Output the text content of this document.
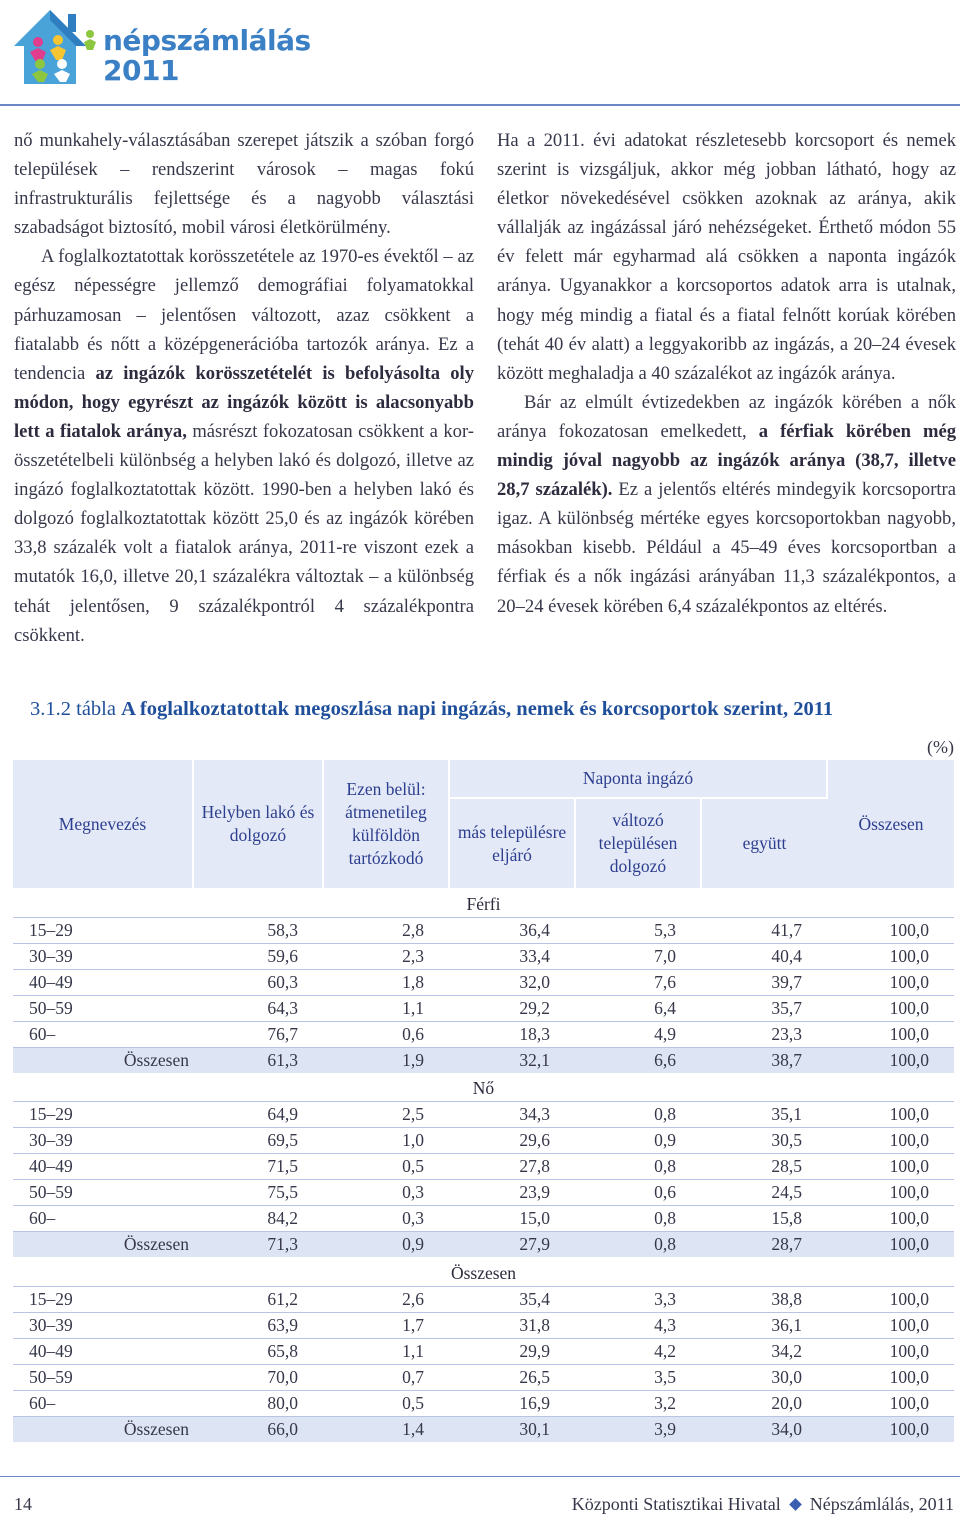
népszámlálás
2011

nő munkahely-választásában szerepet játszik a szóban forgó települések – rendszerint városok – magas fokú infrastrukturális fejlettsége és a nagyobb választási szabadságot biztosító, mobil városi életkörülmény.

A foglalkoztatottak korösszetétele az 1970-es évektől – az egész népességre jellemző demográfiai folyamatokkal párhuzamosan – jelentősen változott, azaz csökkent a fiatalabb és nőtt a középgenerációba tartozók aránya. Ez a tendencia az ingázók korösszetételét is befolyásolta oly módon, hogy egyrészt az ingázók között is alacsonyabb lett a fiatalok aránya, másrészt fokozatosan csökkent a kor-összetételbeli különbség a helyben lakó és dolgozó, illetve az ingázó foglalkoztatottak között. 1990-ben a helyben lakó és dolgozó foglalkoztatottak között 25,0 és az ingázók körében 33,8 százalék volt a fiatalok aránya, 2011-re viszont ezek a mutatók 16,0, illetve 20,1 százalékra változtak – a különbség tehát jelentősen, 9 százalékpontról 4 százalékpontra csökkent.

Ha a 2011. évi adatokat részletesebb korcsoport és nemek szerint is vizsgáljuk, akkor még jobban látható, hogy az életkor növekedésével csökken azoknak az aránya, akik vállalják az ingázással járó nehézségeket. Érthető módon 55 év felett már egyharmad alá csökken a naponta ingázók aránya. Ugyanakkor a korcsoportos adatok arra is utalnak, hogy még mindig a fiatal és a fiatal felnőtt korúak körében (tehát 40 év alatt) a leggyakoribb az ingázás, a 20–24 évesek között meghaladja a 40 százalékot az ingázók aránya.

Bár az elmúlt évtizedekben az ingázók körében a nők aránya fokozatosan emelkedett, a férfiak körében még mindig jóval nagyobb az ingázók aránya (38,7, illetve 28,7 százalék). Ez a jelentős eltérés mindegyik korcsoportra igaz. A különbség mértéke egyes korcsoportokban nagyobb, másokban kisebb. Például a 45–49 éves korcsoportban a férfiak és a nők ingázási arányában 11,3 százalékpontos, a 20–24 évesek körében 6,4 százalékpontos az eltérés.

3.1.2 tábla A foglalkoztatottak megoszlása napi ingázás, nemek és korcsoportok szerint, 2011
(%)
Megnevezés	Helyben lakó és dolgozó	Ezen belül: átmenetileg külföldön tartózkodó	Naponta ingázó			Összesen
			más településre eljáró	változó településen dolgozó	együtt	
Férfi						
15–29	58,3	2,8	36,4	5,3	41,7	100,0
30–39	59,6	2,3	33,4	7,0	40,4	100,0
40–49	60,3	1,8	32,0	7,6	39,7	100,0
50–59	64,3	1,1	29,2	6,4	35,7	100,0
60–	76,7	0,6	18,3	4,9	23,3	100,0
Összesen	61,3	1,9	32,1	6,6	38,7	100,0
Nő						
15–29	64,9	2,5	34,3	0,8	35,1	100,0
30–39	69,5	1,0	29,6	0,9	30,5	100,0
40–49	71,5	0,5	27,8	0,8	28,5	100,0
50–59	75,5	0,3	23,9	0,6	24,5	100,0
60–	84,2	0,3	15,0	0,8	15,8	100,0
Összesen	71,3	0,9	27,9	0,8	28,7	100,0
Összesen						
15–29	61,2	2,6	35,4	3,3	38,8	100,0
30–39	63,9	1,7	31,8	4,3	36,1	100,0
40–49	65,8	1,1	29,9	4,2	34,2	100,0
50–59	70,0	0,7	26,5	3,5	30,0	100,0
60–	80,0	0,5	16,9	3,2	20,0	100,0
Összesen	66,0	1,4	30,1	3,9	34,0	100,0
14	Központi Statisztikai Hivatal Népszámlálás, 2011
